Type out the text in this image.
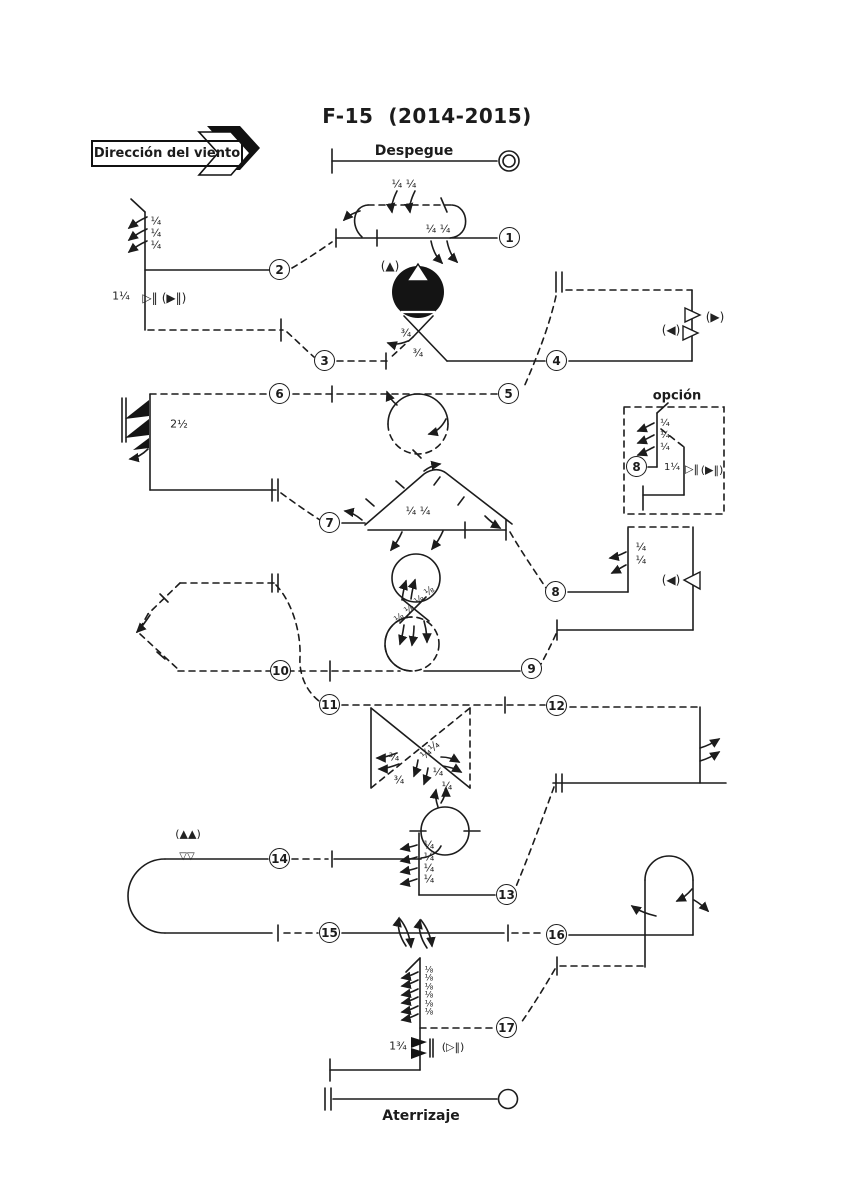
F-15  (2014-2015)
Dirección del viento	Despegue
Aterrizaje
opción
1
2
3	4
5
6
7
8
8
9
10
11	12
13
14
15	16
17
¼ ¼
¼ ¼
¼
¼
¼
1¼ ▷‖ (▶‖)
(▲)
¾
¾
(◀)
(▶)
2½	¼
¼
¼
1¼ ▷‖ (▶‖)
¼ ¼
¼
¼
(◀)
⅛
⅛
⅛
⅛
¾
¾
¼¼
¼
¼
¼
¼
¼
¼
(▲▲)
▽▽
⅛
⅛
⅛
⅛
⅛
⅛
1¾	(▷‖)
